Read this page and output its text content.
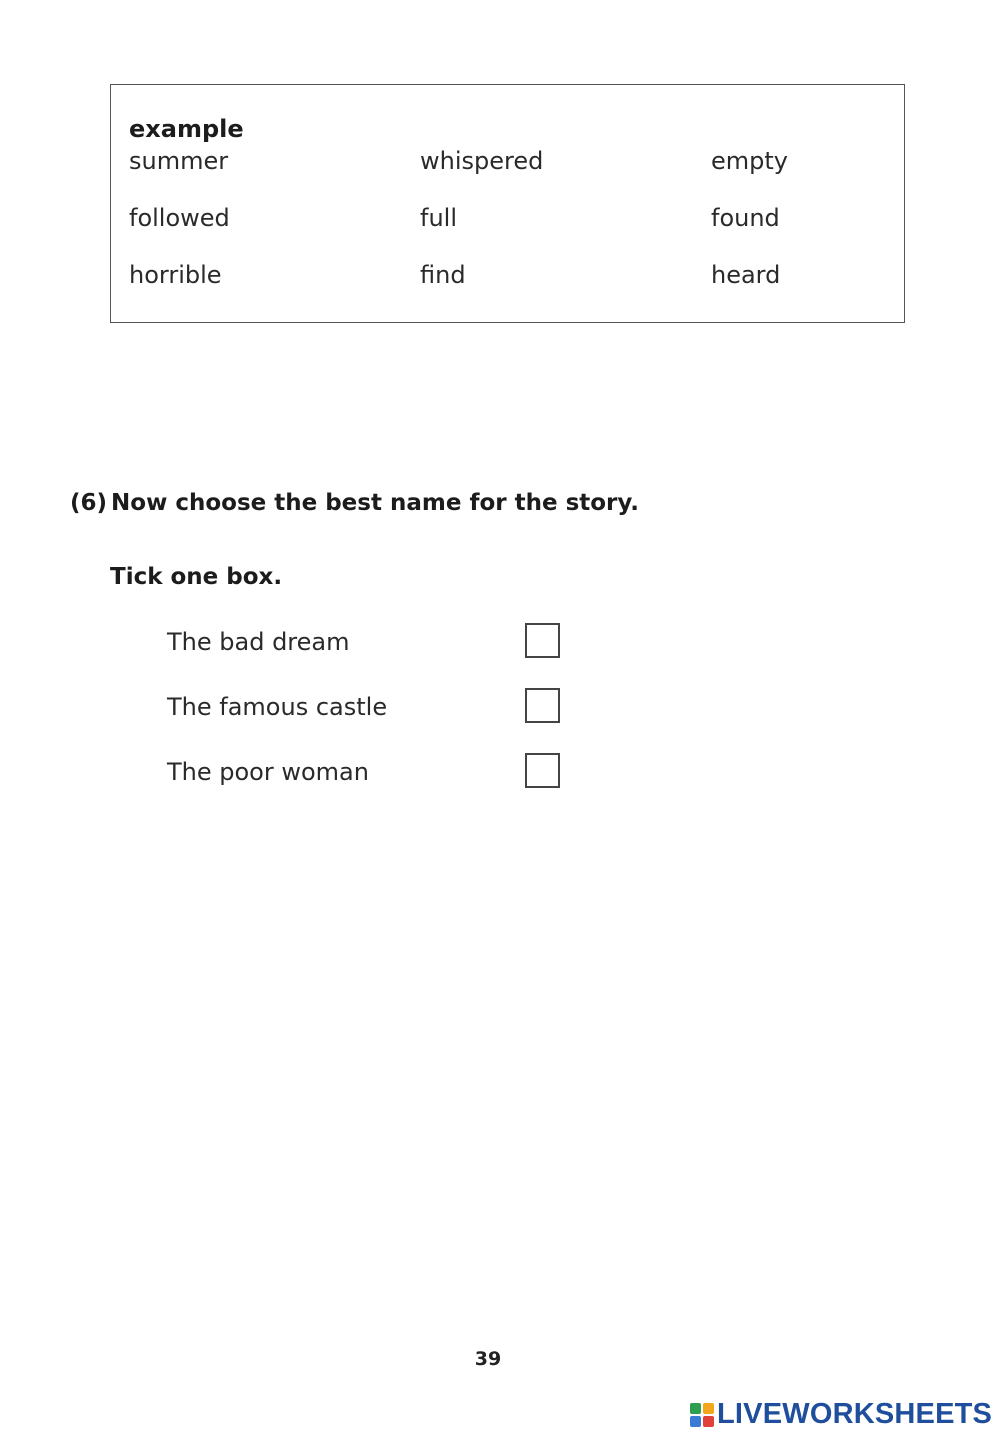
example
summer	whispered	empty
followed	full	found
horrible	find	heard
(6) Now choose the best name for the story.
Tick one box.
The bad dream
The famous castle
The poor woman
39
LIVEWORKSHEETS
